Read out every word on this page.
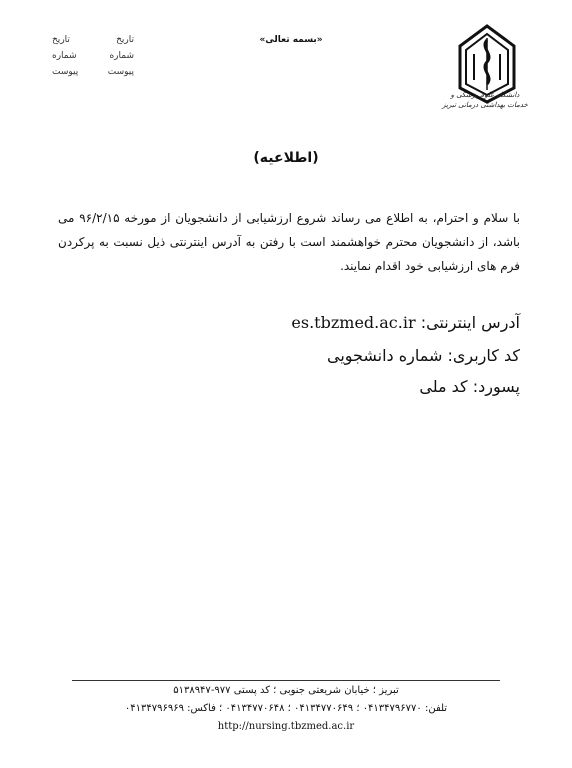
تاریخ
تاریخ
شماره
شماره
پیوست
پیوست
«بسمه تعالی»
دانشگاه علوم پزشکی و خدمات بهداشتی درمانی تبریز
(اطلاعیه)
با سلام و احترام، به اطلاع می رساند شروع ارزشیابی از دانشجویان از مورخه ۹۶/۲/۱۵ می باشد، از دانشجویان محترم خواهشمند است با رفتن به آدرس اینترنتی ذیل نسبت به پرکردن فرم های ارزشیابی خود اقدام نمایند.
آدرس اینترنتی: es.tbzmed.ac.ir
کد کاربری: شماره دانشجویی
پسورد: کد ملی
تبریز ؛ خیابان شریعتی جنوبی ؛ کد پستی ۹۷۷-۵۱۳۸۹۴۷
تلفن: ۰۴۱۳۴۷۹۶۷۷۰ ؛ ۰۴۱۳۴۷۷۰۶۴۹ ؛ ۰۴۱۳۴۷۷۰۶۴۸ ؛ فاکس: ۰۴۱۳۴۷۹۶۹۶۹
http://nursing.tbzmed.ac.ir
